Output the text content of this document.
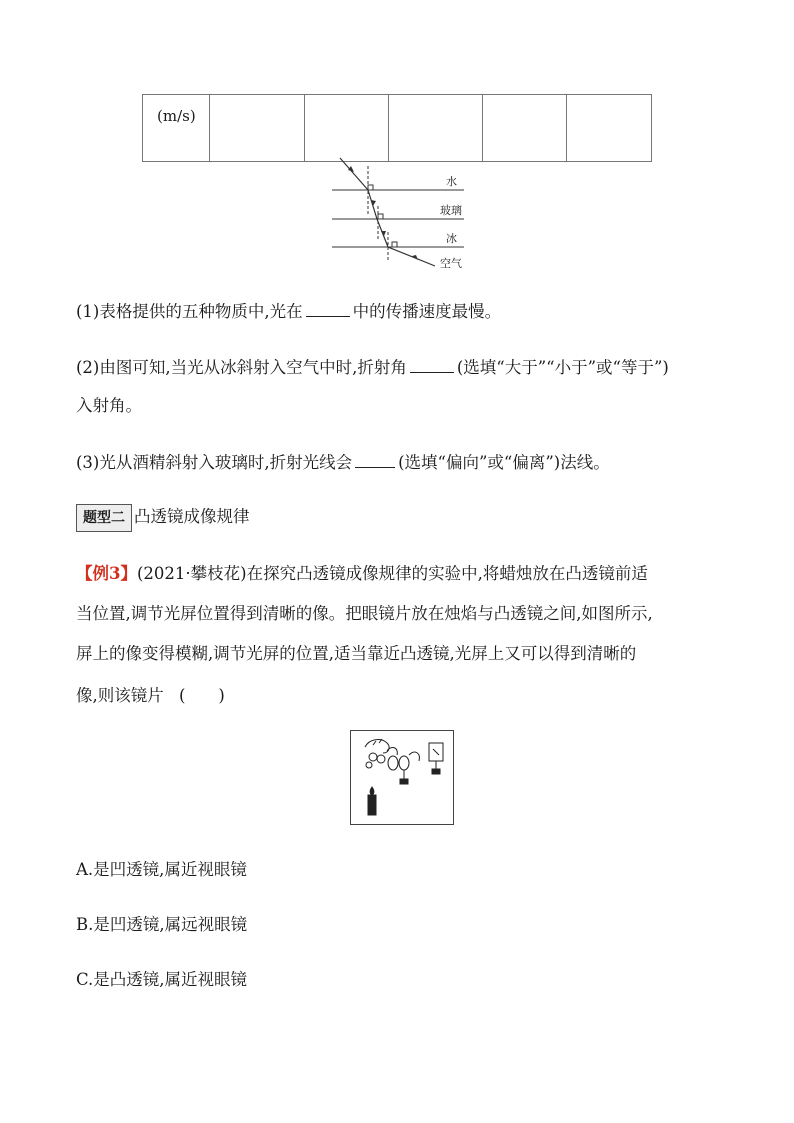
(m/s)					
水
玻璃
冰
空气
(1)表格提供的五种物质中,光在	中的传播速度最慢。
(2)由图可知,当光从冰斜射入空气中时,折射角	(选填“大于”“小于”或“等于”)
入射角。
(3)光从酒精斜射入玻璃时,折射光线会	(选填“偏向”或“偏离”)法线。
题型二 凸透镜成像规律
【例3】(2021·攀枝花)在探究凸透镜成像规律的实验中,将蜡烛放在凸透镜前适
当位置,调节光屏位置得到清晰的像。把眼镜片放在烛焰与凸透镜之间,如图所示,
屏上的像变得模糊,调节光屏的位置,适当靠近凸透镜,光屏上又可以得到清晰的
像,则该镜片 (　　)
A.是凹透镜,属近视眼镜
B.是凹透镜,属远视眼镜
C.是凸透镜,属近视眼镜
